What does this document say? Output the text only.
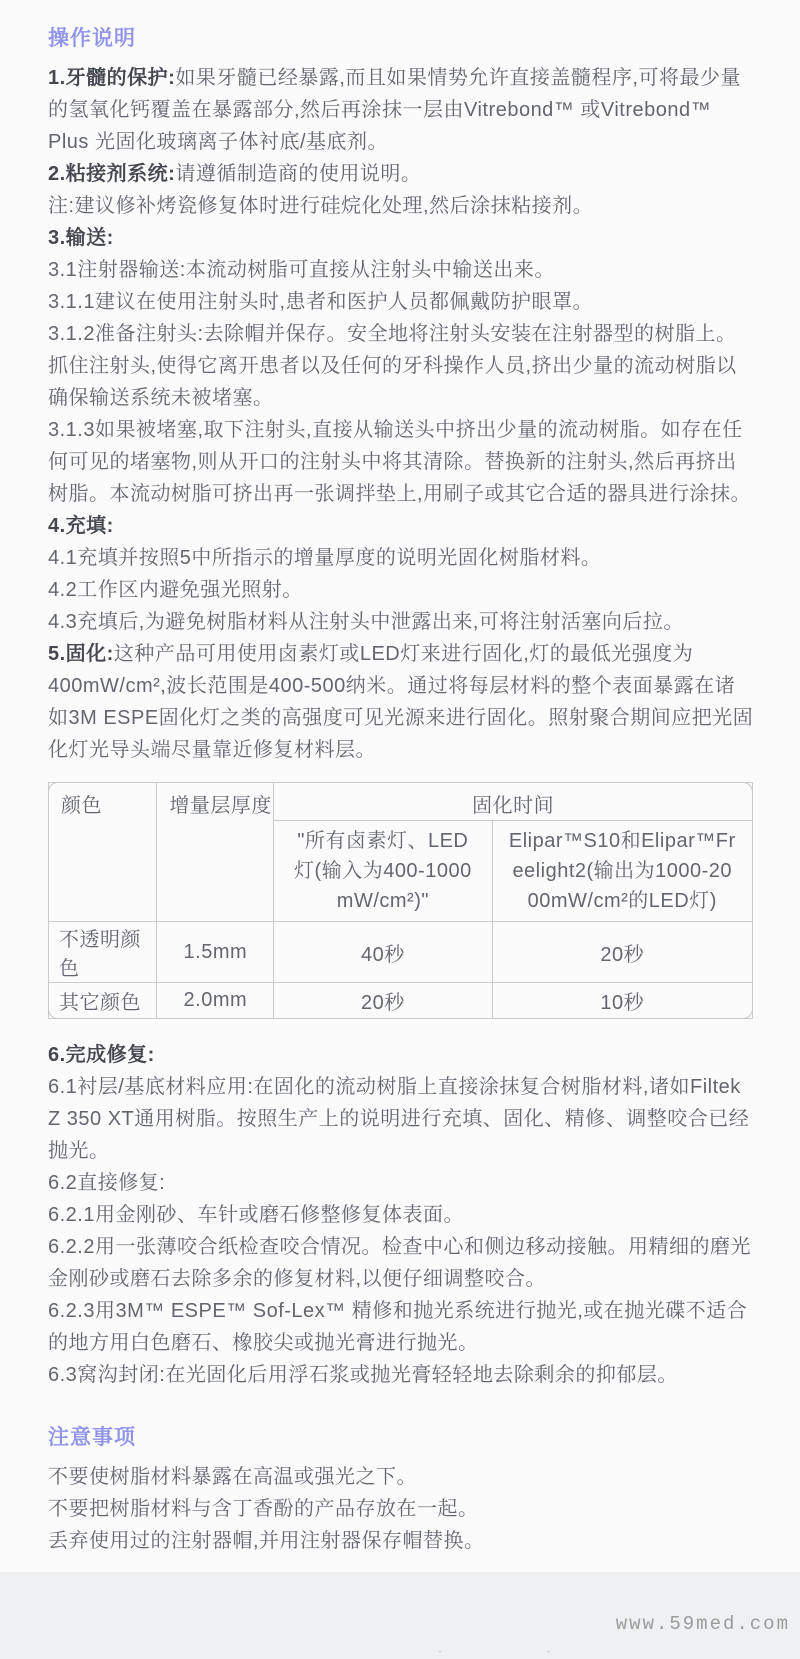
操作说明

1.牙髓的保护:如果牙髓已经暴露,而且如果情势允许直接盖髓程序,可将最少量的氢氧化钙覆盖在暴露部分,然后再涂抹一层由Vitrebond™ 或Vitrebond™ Plus 光固化玻璃离子体衬底/基底剂。

2.粘接剂系统:请遵循制造商的使用说明。

注:建议修补烤瓷修复体时进行硅烷化处理,然后涂抹粘接剂。

3.输送:

3.1注射器输送:本流动树脂可直接从注射头中输送出来。

3.1.1建议在使用注射头时,患者和医护人员都佩戴防护眼罩。

3.1.2准备注射头:去除帽并保存。安全地将注射头安装在注射器型的树脂上。抓住注射头,使得它离开患者以及任何的牙科操作人员,挤出少量的流动树脂以确保输送系统未被堵塞。

3.1.3如果被堵塞,取下注射头,直接从输送头中挤出少量的流动树脂。如存在任何可见的堵塞物,则从开口的注射头中将其清除。替换新的注射头,然后再挤出树脂。本流动树脂可挤出再一张调拌垫上,用刷子或其它合适的器具进行涂抹。

4.充填:

4.1充填并按照5中所指示的增量厚度的说明光固化树脂材料。

4.2工作区内避免强光照射。

4.3充填后,为避免树脂材料从注射头中泄露出来,可将注射活塞向后拉。

5.固化:这种产品可用使用卤素灯或LED灯来进行固化,灯的最低光强度为400mW/cm²,波长范围是400-500纳米。通过将每层材料的整个表面暴露在诸如3M ESPE固化灯之类的高强度可见光源来进行固化。照射聚合期间应把光固化灯光导头端尽量靠近修复材料层。

颜色	增量层厚度	固化时间	
		"所有卤素灯、LED灯(输入为400-1000mW/cm²)"	Elipar™S10和Elipar™Freelight2(输出为1000-2000mW/cm²的LED灯)
不透明颜色	1.5mm	40秒	20秒
其它颜色	2.0mm	20秒	10秒

6.完成修复:

6.1衬层/基底材料应用:在固化的流动树脂上直接涂抹复合树脂材料,诸如Filtek Z 350 XT通用树脂。按照生产上的说明进行充填、固化、精修、调整咬合已经抛光。

6.2直接修复:

6.2.1用金刚砂、车针或磨石修整修复体表面。

6.2.2用一张薄咬合纸检查咬合情况。检查中心和侧边移动接触。用精细的磨光金刚砂或磨石去除多余的修复材料,以便仔细调整咬合。

6.2.3用3M™ ESPE™ Sof-Lex™ 精修和抛光系统进行抛光,或在抛光碟不适合的地方用白色磨石、橡胶尖或抛光膏进行抛光。

6.3窝沟封闭:在光固化后用浮石浆或抛光膏轻轻地去除剩余的抑郁层。

注意事项

不要使树脂材料暴露在高温或强光之下。

不要把树脂材料与含丁香酚的产品存放在一起。

丢弃使用过的注射器帽,并用注射器保存帽替换。

www.59med.com
